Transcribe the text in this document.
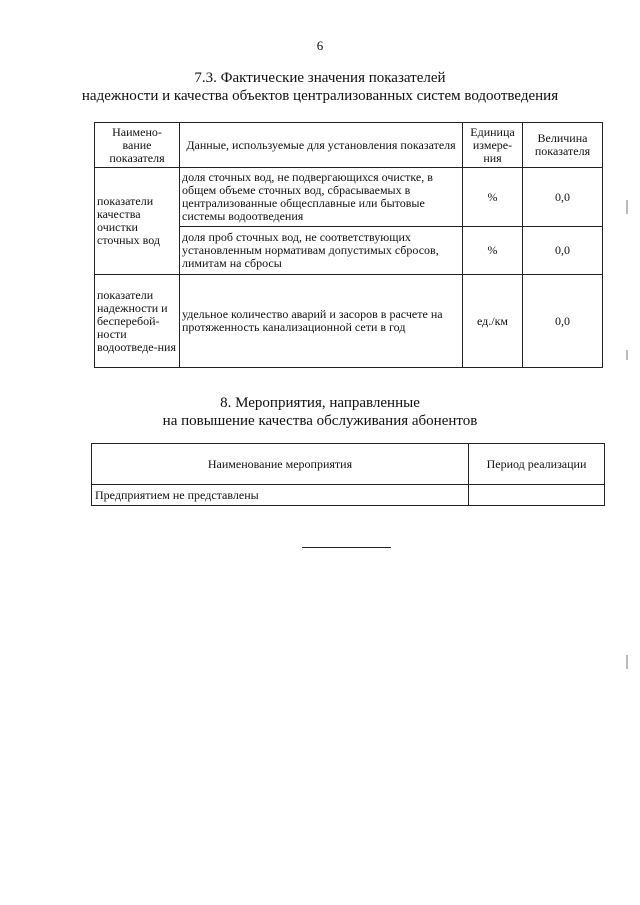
6
7.3. Фактические значения показателей
надежности и качества объектов централизованных систем водоотведения
Наимено-вание показателя	Данные, используемые для установления показателя	Единица измере-ния	Величина показателя
показатели качества очистки сточных вод	доля сточных вод, не подвергающихся очистке, в общем объеме сточных вод, сбрасываемых в централизованные общесплавные или бытовые системы водоотведения	%	0,0
	доля проб сточных вод, не соответствующих установленным нормативам допустимых сбросов, лимитам на сбросы	%	0,0
показатели надежности и бесперебой-ности водоотведе-ния	удельное количество аварий и засоров в расчете на протяженность канализационной сети в год	ед./км	0,0
8. Мероприятия, направленные
на повышение качества обслуживания абонентов
Наименование мероприятия	Период реализации
Предприятием не представлены	
